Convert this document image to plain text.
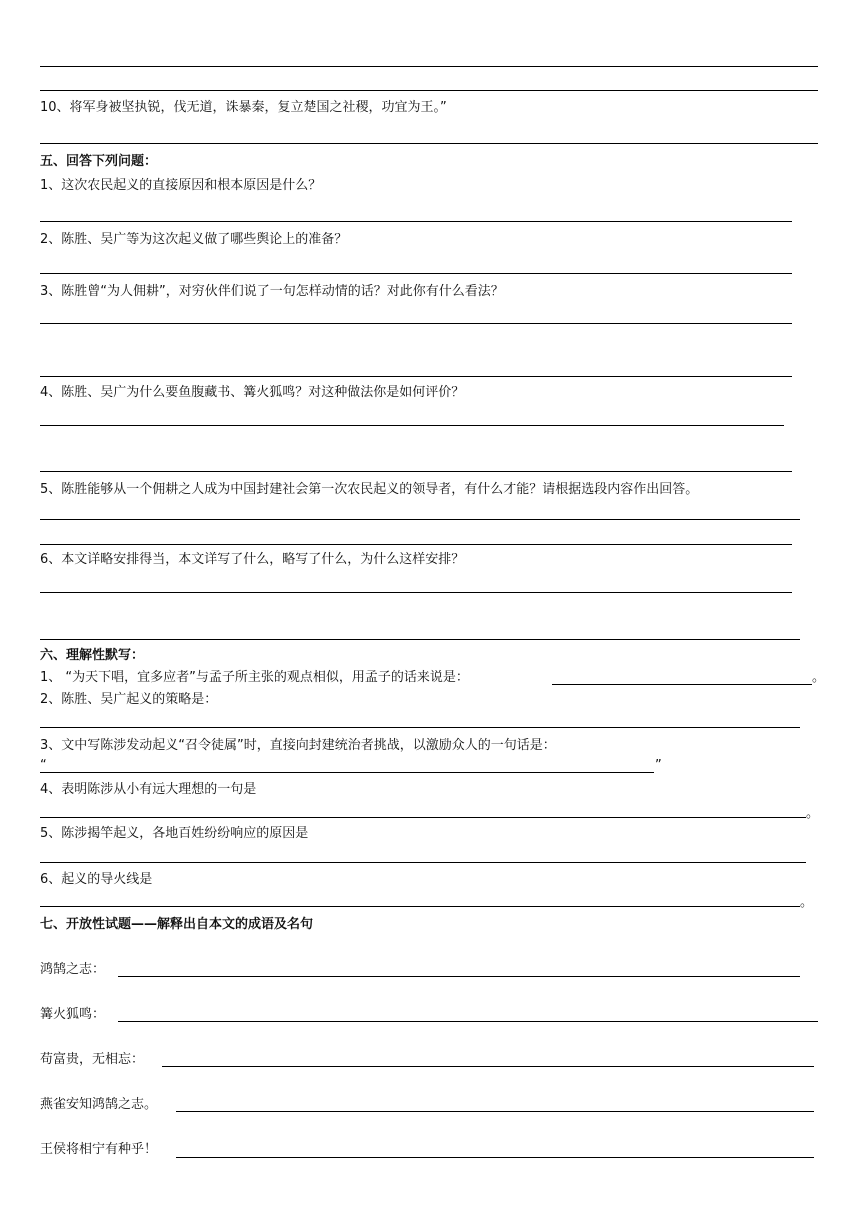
10、将军身被坚执锐，伐无道，诛暴秦，复立楚国之社稷，功宜为王。”
五、回答下列问题：
1、这次农民起义的直接原因和根本原因是什么？
2、陈胜、吴广等为这次起义做了哪些舆论上的准备？
3、陈胜曾“为人佣耕”，对穷伙伴们说了一句怎样动情的话？对此你有什么看法？
4、陈胜、吴广为什么要鱼腹藏书、篝火狐鸣？对这种做法你是如何评价？
5、陈胜能够从一个佣耕之人成为中国封建社会第一次农民起义的领导者，有什么才能？请根据选段内容作出回答。
6、本文详略安排得当，本文详写了什么，略写了什么，为什么这样安排？
六、理解性默写：
1、 “为天下唱，宜多应者”与孟子所主张的观点相似，用孟子的话来说是：	。
2、陈胜、吴广起义的策略是：
3、文中写陈涉发动起义“召令徒属”时，直接向封建统治者挑战，以激励众人的一句话是：
“	”
4、表明陈涉从小有远大理想的一句是
。
5、陈涉揭竿起义，各地百姓纷纷响应的原因是
6、起义的导火线是
。
七、开放性试题——解释出自本文的成语及名句
鸿鹄之志：
篝火狐鸣：
苟富贵，无相忘：
燕雀安知鸿鹄之志。
王侯将相宁有种乎！
